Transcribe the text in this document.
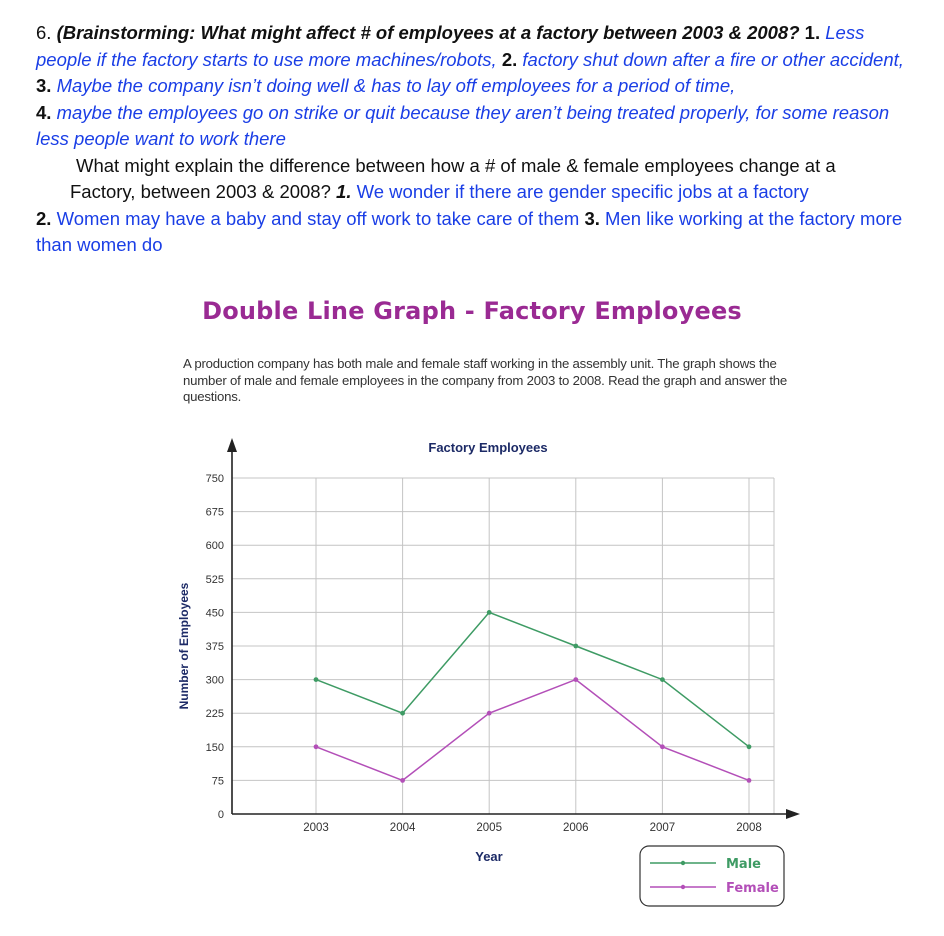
6. (Brainstorming: What might affect # of employees at a factory between 2003 & 2008? 1. Less people if the factory starts to use more machines/robots, 2. factory shut down after a fire or other accident, 3. Maybe the company isn’t doing well & has to lay off employees for a period of time,
4. maybe the employees go on strike or quit because they aren’t being treated properly, for some reason less people want to work there

What might explain the difference between how a # of male & female employees change at a

Factory, between 2003 & 2008? 1. We wonder if there are gender specific jobs at a factory

2. Women may have a baby and stay off work to take care of them 3. Men like working at the factory more than women do

Double Line Graph - Factory Employees
A production company has both male and female staff working in the assembly unit. The graph shows the number of male and female employees in the company from 2003 to 2008. Read the graph and answer the questions.
0
75
150
225
300
375
450
525
600
675
750
2003	2004	2005	2006	2007	2008
Factory Employees
Year
Number of Employees
Male
Female
